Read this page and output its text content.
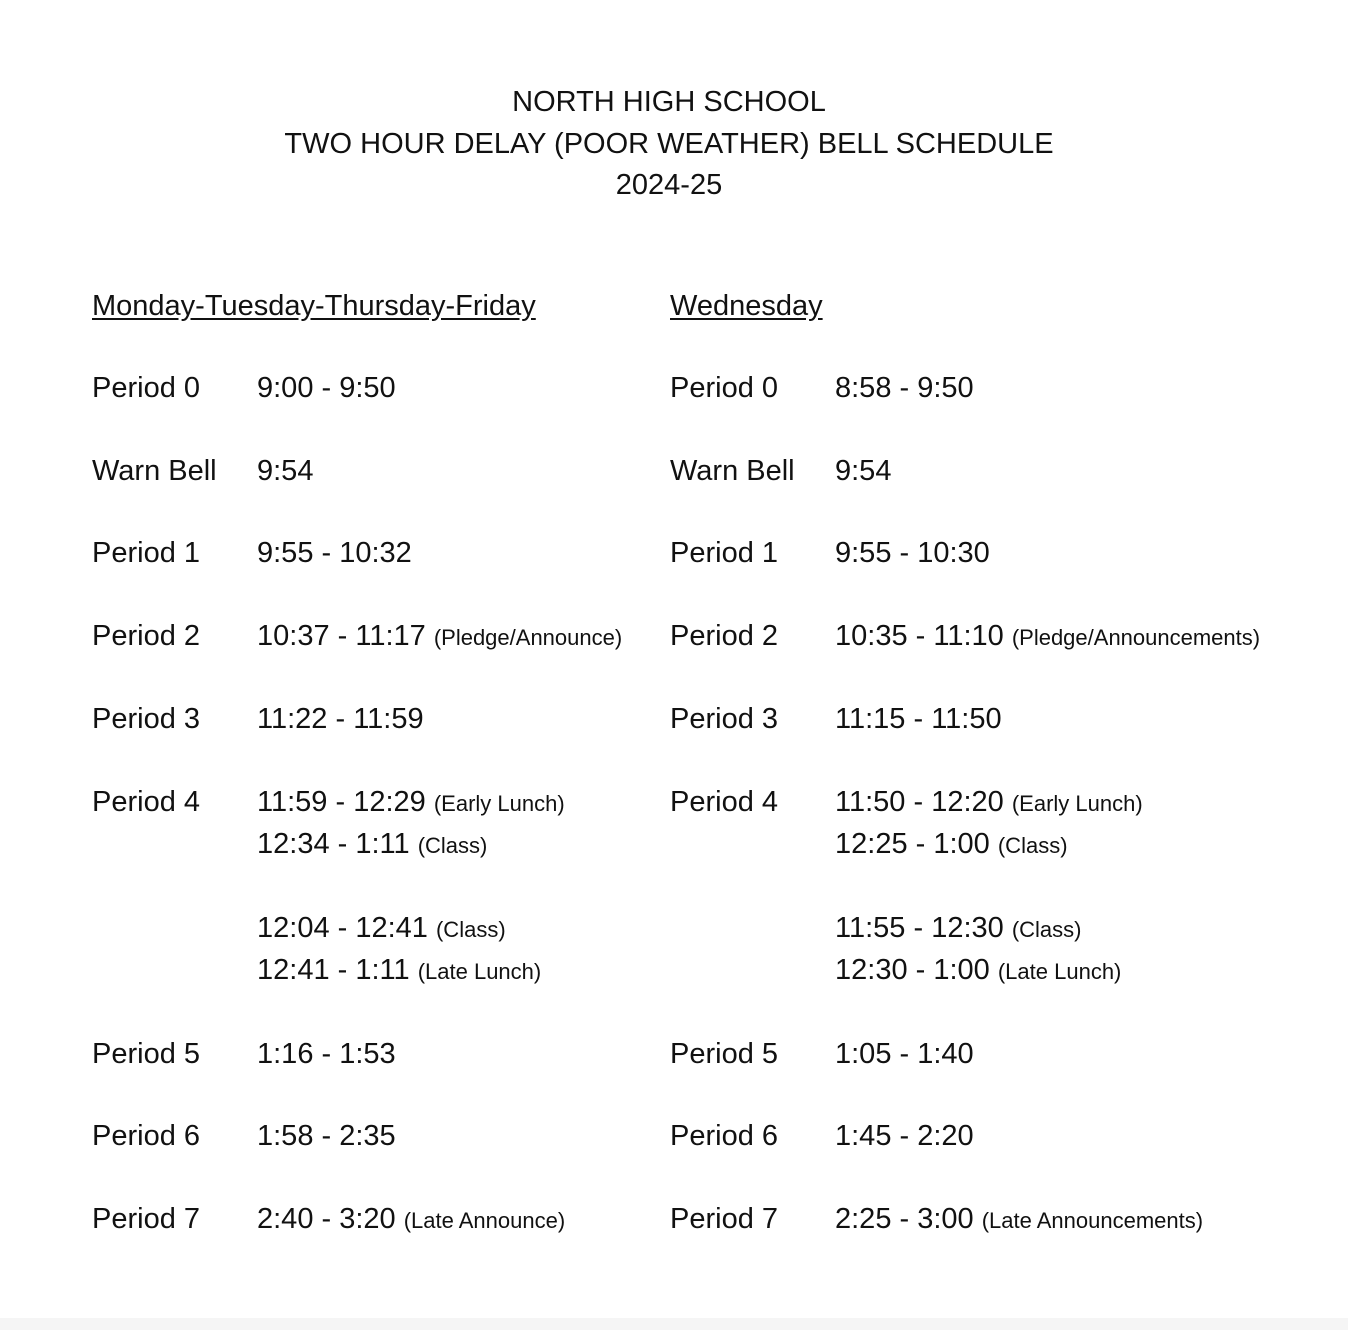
NORTH HIGH SCHOOL
TWO HOUR DELAY (POOR WEATHER) BELL SCHEDULE
2024-25
Monday-Tuesday-Thursday-Friday
Period 0 9:00 - 9:50
Warn Bell 9:54
Period 1 9:55 - 10:32
Period 2 10:37 - 11:17 (Pledge/Announce)
Period 3 11:22 - 11:59
Period 4 11:59 - 12:29 (Early Lunch)
12:34 - 1:11 (Class)
12:04 - 12:41 (Class)
12:41 - 1:11 (Late Lunch)
Period 5 1:16 - 1:53
Period 6 1:58 - 2:35
Period 7 2:40 - 3:20 (Late Announce)
Wednesday
Period 0 8:58 - 9:50
Warn Bell 9:54
Period 1 9:55 - 10:30
Period 2 10:35 - 11:10 (Pledge/Announcements)
Period 3 11:15 - 11:50
Period 4 11:50 - 12:20 (Early Lunch)
12:25 - 1:00 (Class)
11:55 - 12:30 (Class)
12:30 - 1:00 (Late Lunch)
Period 5 1:05 - 1:40
Period 6 1:45 - 2:20
Period 7 2:25 - 3:00 (Late Announcements)
